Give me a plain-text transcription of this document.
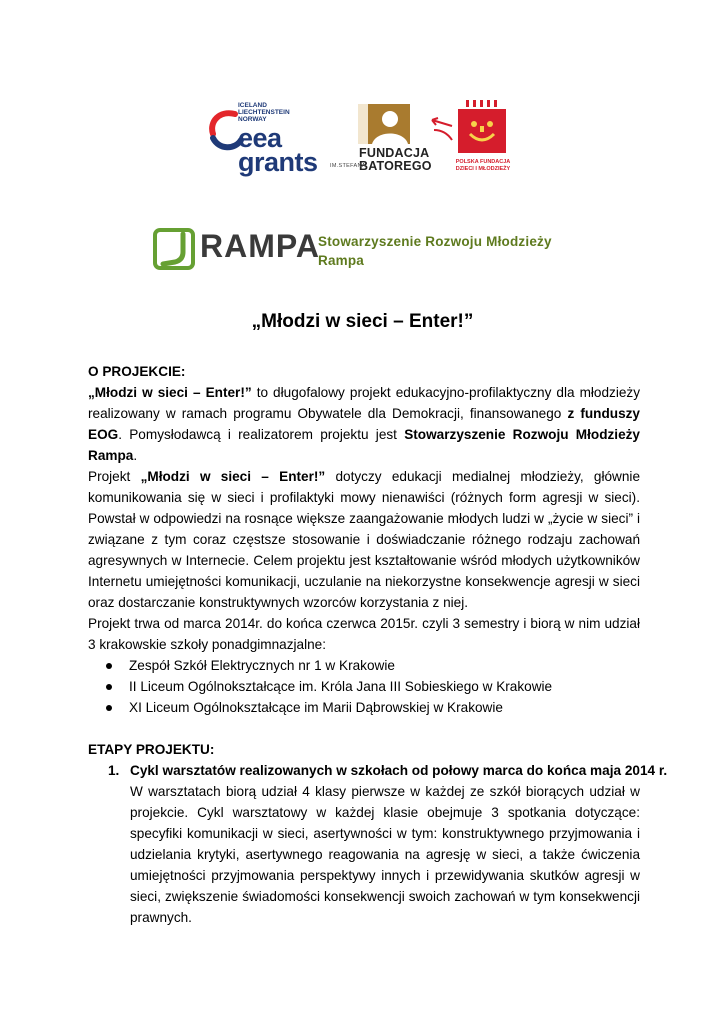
ICELAND
LIECHTENSTEIN
NORWAY
eea
grants	FUNDACJA
BATOREGO
IM.STEFANA
POLSKA FUNDACJA
DZIECI I MŁODZIEŻY
RAMPA
Stowarzyszenie Rozwoju Młodzieży
Rampa
„Młodzi w sieci – Enter!”
O PROJEKCIE:
„Młodzi w sieci – Enter!” to długofalowy projekt edukacyjno-profilaktyczny dla młodzieży realizowany w ramach programu Obywatele dla Demokracji, finansowanego z funduszy EOG. Pomysłodawcą i realizatorem projektu jest Stowarzyszenie Rozwoju Młodzieży Rampa.
Projekt „Młodzi w sieci – Enter!” dotyczy edukacji medialnej młodzieży, głównie komunikowania się w sieci i profilaktyki mowy nienawiści (różnych form agresji w sieci). Powstał w odpowiedzi na rosnące większe zaangażowanie młodych ludzi w „życie w sieci” i związane z tym coraz częstsze stosowanie i doświadczanie różnego rodzaju zachowań agresywnych w Internecie. Celem projektu jest kształtowanie wśród młodych użytkowników Internetu umiejętności komunikacji, uczulanie na niekorzystne konsekwencje agresji w sieci oraz dostarczanie konstruktywnych wzorców korzystania z niej.
Projekt trwa od marca 2014r. do końca czerwca 2015r. czyli 3 semestry i biorą w nim udział 3 krakowskie szkoły ponadgimnazjalne:
Zespół Szkół Elektrycznych nr 1 w Krakowie
II Liceum Ogólnokształcące im. Króla Jana III Sobieskiego w Krakowie
XI Liceum Ogólnokształcące im Marii Dąbrowskiej w Krakowie
ETAPY PROJEKTU:
1. Cykl warsztatów realizowanych w szkołach od połowy marca do końca maja 2014 r.
W warsztatach biorą udział 4 klasy pierwsze w każdej ze szkół biorących udział w projekcie. Cykl warsztatowy w każdej klasie obejmuje 3 spotkania dotyczące: specyfiki komunikacji w sieci, asertywności w tym: konstruktywnego przyjmowania i udzielania krytyki, asertywnego reagowania na agresję w sieci, a także ćwiczenia umiejętności przyjmowania perspektywy innych i przewidywania skutków agresji w sieci, zwiększenie świadomości konsekwencji swoich zachowań w tym konsekwencji prawnych.
